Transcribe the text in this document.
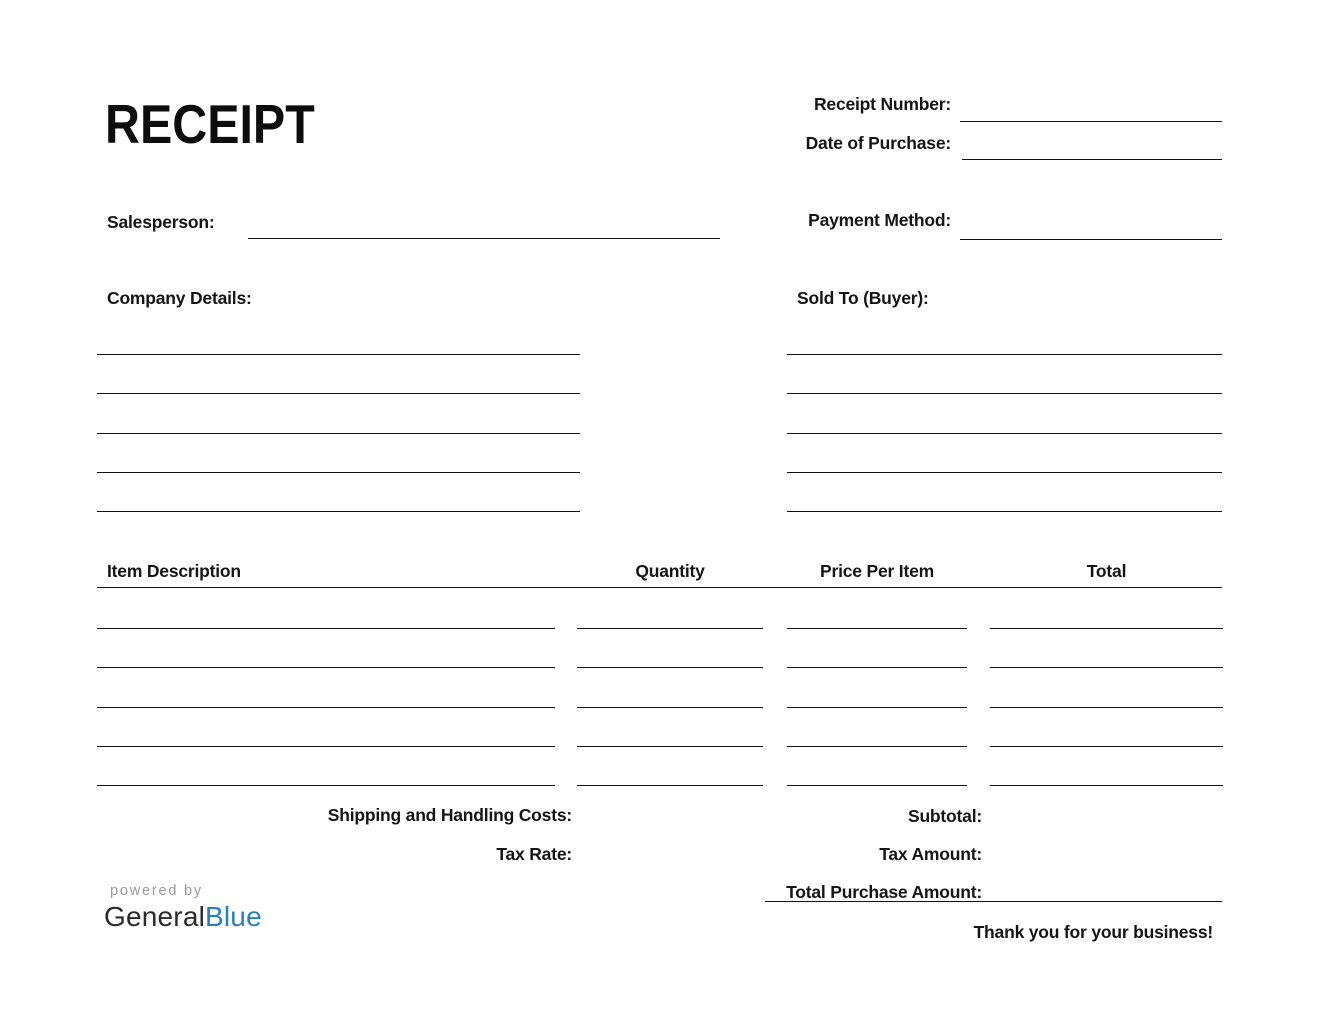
RECEIPT	Receipt Number:
Date of Purchase:
Salesperson:	Payment Method:
Company Details:	Sold To (Buyer):
Item Description	Quantity	Price Per Item	Total
Shipping and Handling Costs:	Subtotal:
Tax Rate:	Tax Amount:
Total Purchase Amount:
Thank you for your business!
powered by
GeneralBlue
